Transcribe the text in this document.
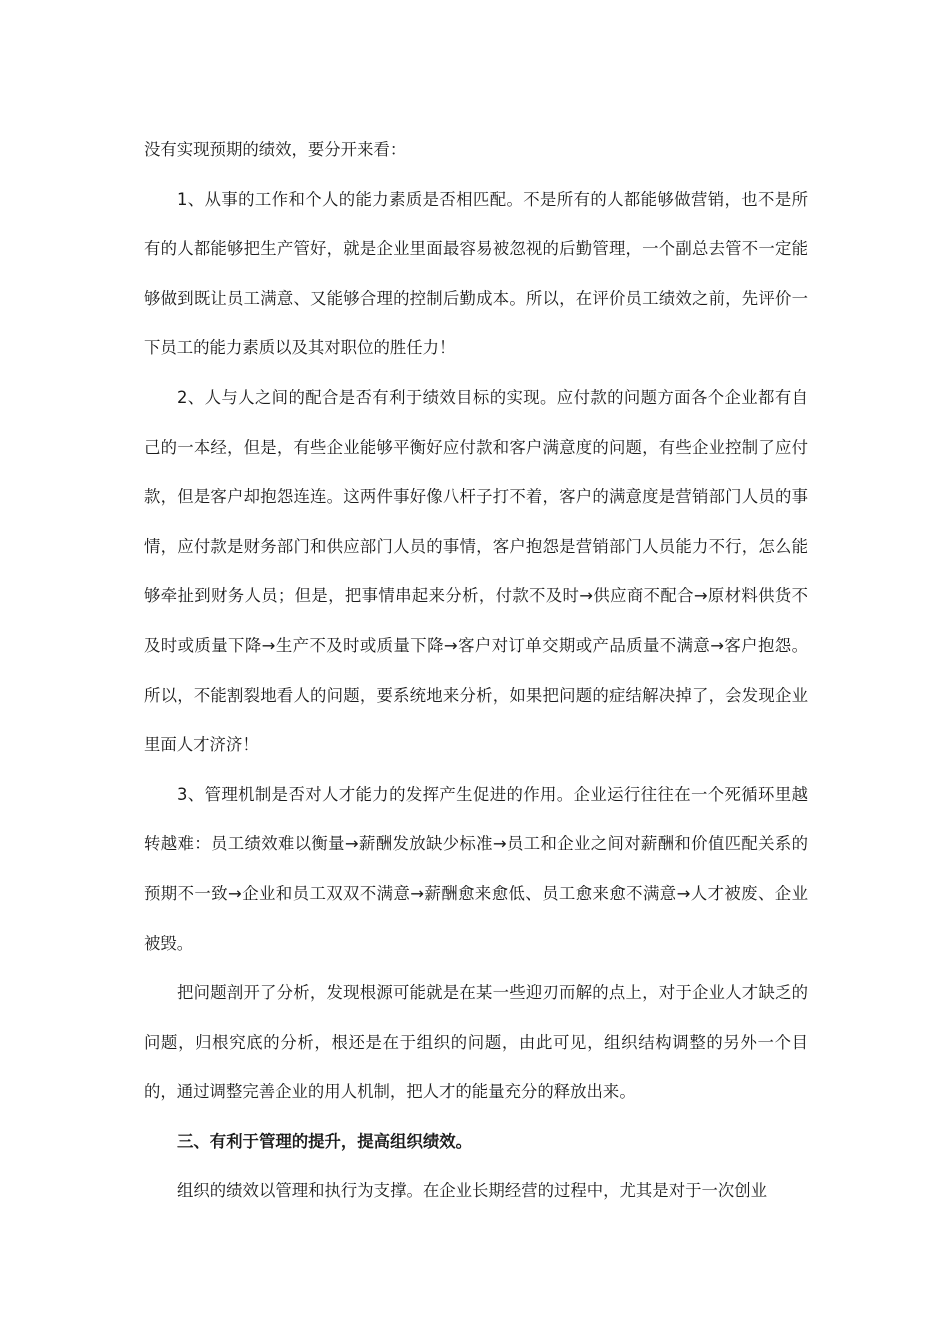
没有实现预期的绩效，要分开来看：

1、从事的工作和个人的能力素质是否相匹配。不是所有的人都能够做营销，也不是所有的人都能够把生产管好，就是企业里面最容易被忽视的后勤管理，一个副总去管不一定能够做到既让员工满意、又能够合理的控制后勤成本。所以，在评价员工绩效之前，先评价一下员工的能力素质以及其对职位的胜任力！

2、人与人之间的配合是否有利于绩效目标的实现。应付款的问题方面各个企业都有自己的一本经，但是，有些企业能够平衡好应付款和客户满意度的问题，有些企业控制了应付款，但是客户却抱怨连连。这两件事好像八杆子打不着，客户的满意度是营销部门人员的事情，应付款是财务部门和供应部门人员的事情，客户抱怨是营销部门人员能力不行，怎么能够牵扯到财务人员；但是，把事情串起来分析，付款不及时→供应商不配合→原材料供货不及时或质量下降→生产不及时或质量下降→客户对订单交期或产品质量不满意→客户抱怨。所以，不能割裂地看人的问题，要系统地来分析，如果把问题的症结解决掉了，会发现企业里面人才济济！

3、管理机制是否对人才能力的发挥产生促进的作用。企业运行往往在一个死循环里越转越难：员工绩效难以衡量→薪酬发放缺少标准→员工和企业之间对薪酬和价值匹配关系的预期不一致→企业和员工双双不满意→薪酬愈来愈低、员工愈来愈不满意→人才被废、企业被毁。

把问题剖开了分析，发现根源可能就是在某一些迎刃而解的点上，对于企业人才缺乏的问题，归根究底的分析，根还是在于组织的问题，由此可见，组织结构调整的另外一个目的，通过调整完善企业的用人机制，把人才的能量充分的释放出来。

三、有利于管理的提升，提高组织绩效。

组织的绩效以管理和执行为支撑。在企业长期经营的过程中，尤其是对于一次创业
